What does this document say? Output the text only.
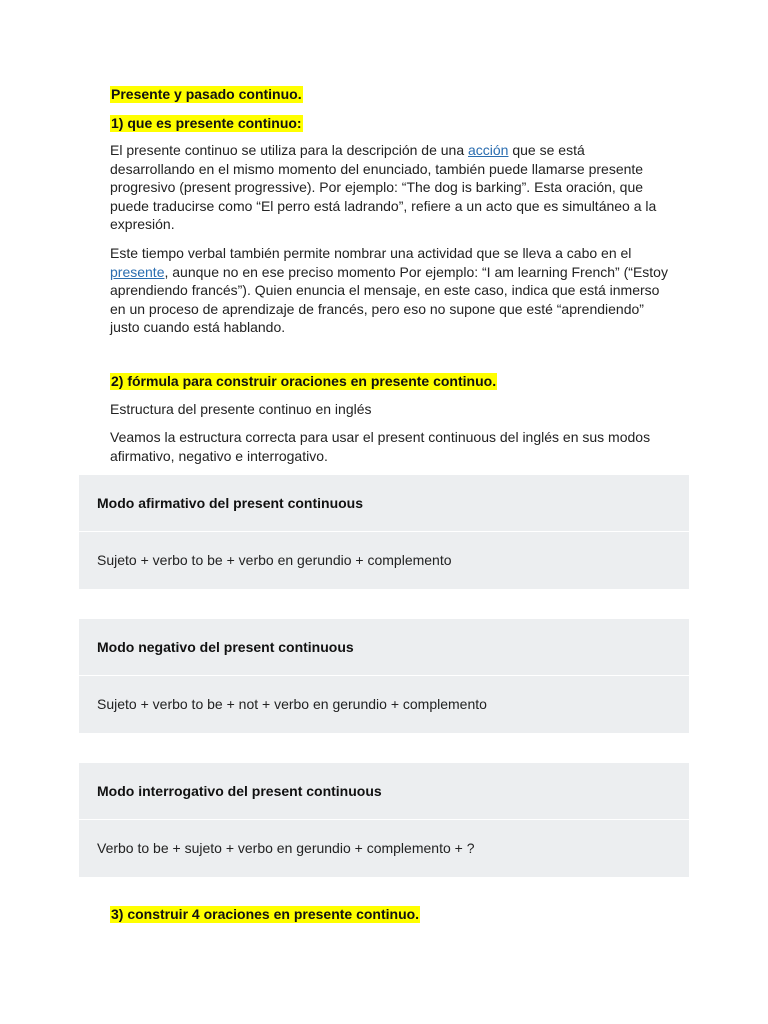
Presente y pasado continuo.
1) que es presente continuo:

El presente continuo se utiliza para la descripción de una acción que se está desarrollando en el mismo momento del enunciado, también puede llamarse presente progresivo (present progressive). Por ejemplo: “The dog is barking”. Esta oración, que puede traducirse como “El perro está ladrando”, refiere a un acto que es simultáneo a la expresión.

Este tiempo verbal también permite nombrar una actividad que se lleva a cabo en el presente, aunque no en ese preciso momento Por ejemplo: “I am learning French” (“Estoy aprendiendo francés”). Quien enuncia el mensaje, en este caso, indica que está inmerso en un proceso de aprendizaje de francés, pero eso no supone que esté “aprendiendo” justo cuando está hablando.

2) fórmula para construir oraciones en presente continuo.

Estructura del presente continuo en inglés

Veamos la estructura correcta para usar el present continuous del inglés en sus modos afirmativo, negativo e interrogativo.

Modo afirmativo del present continuous
Sujeto + verbo to be + verbo en gerundio + complemento
Modo negativo del present continuous
Sujeto + verbo to be + not + verbo en gerundio + complemento
Modo interrogativo del present continuous
Verbo to be + sujeto + verbo en gerundio + complemento + ?
3) construir 4 oraciones en presente continuo.
